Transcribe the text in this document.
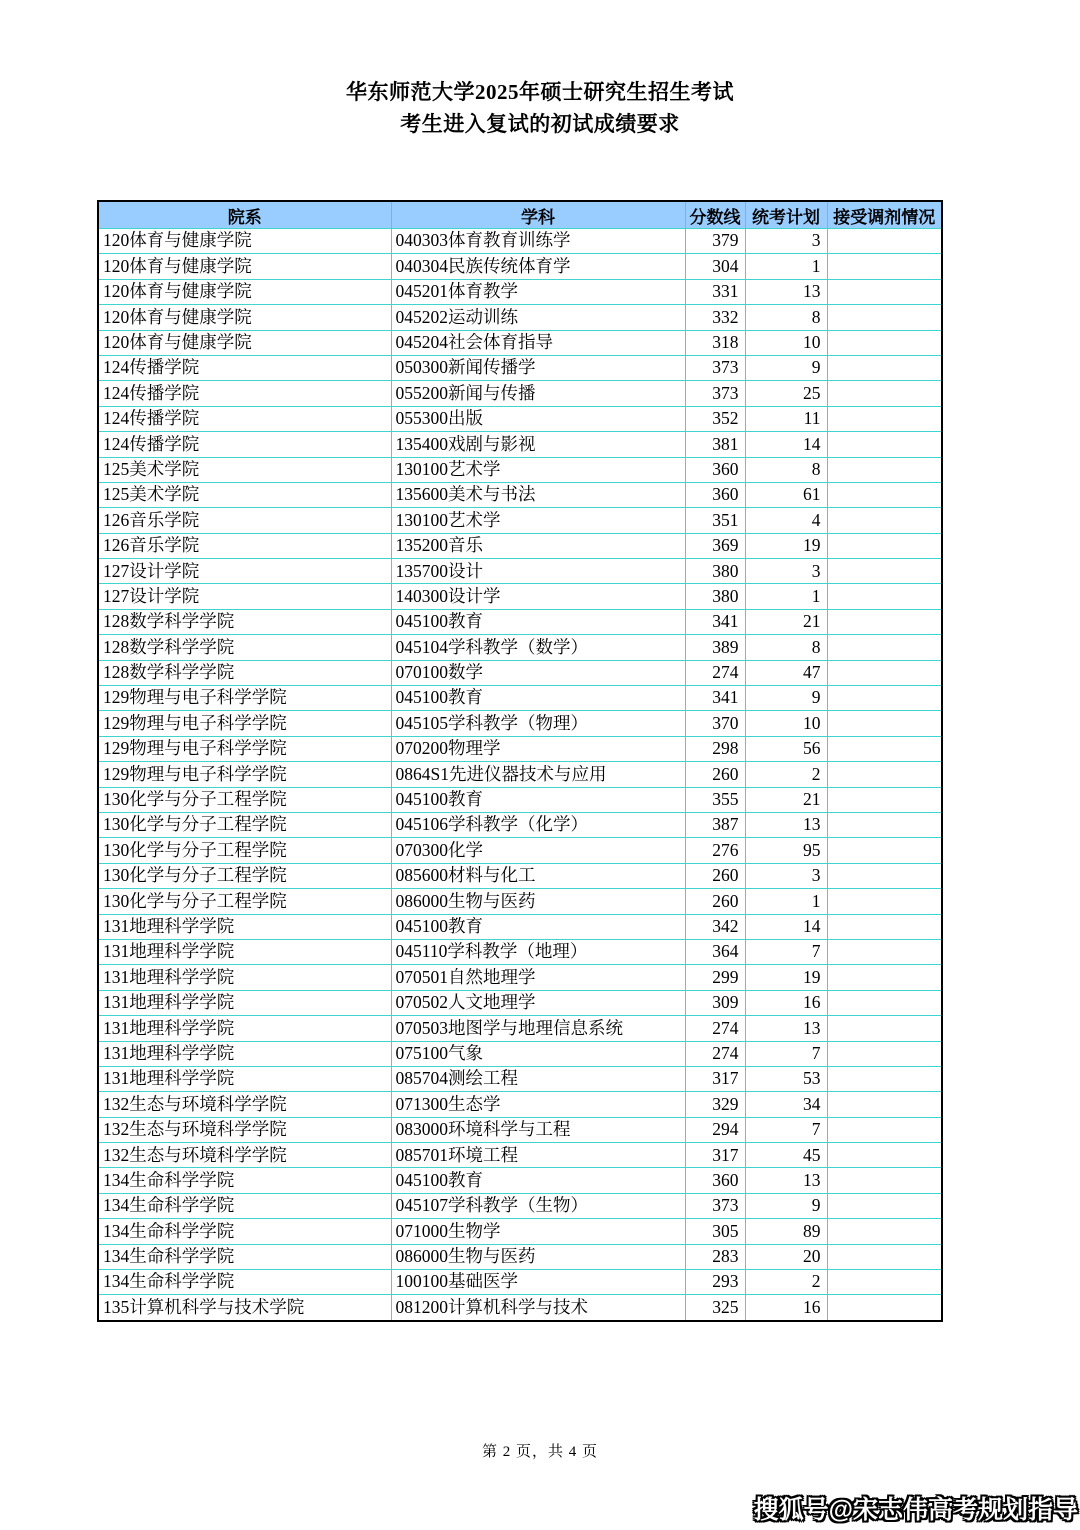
华东师范大学2025年硕士研究生招生考试
考生进入复试的初试成绩要求
院系	学科	分数线	统考计划	接受调剂情况
120体育与健康学院	040303体育教育训练学	379	3	
120体育与健康学院	040304民族传统体育学	304	1	
120体育与健康学院	045201体育教学	331	13	
120体育与健康学院	045202运动训练	332	8	
120体育与健康学院	045204社会体育指导	318	10	
124传播学院	050300新闻传播学	373	9	
124传播学院	055200新闻与传播	373	25	
124传播学院	055300出版	352	11	
124传播学院	135400戏剧与影视	381	14	
125美术学院	130100艺术学	360	8	
125美术学院	135600美术与书法	360	61	
126音乐学院	130100艺术学	351	4	
126音乐学院	135200音乐	369	19	
127设计学院	135700设计	380	3	
127设计学院	140300设计学	380	1	
128数学科学学院	045100教育	341	21	
128数学科学学院	045104学科教学（数学）	389	8	
128数学科学学院	070100数学	274	47	
129物理与电子科学学院	045100教育	341	9	
129物理与电子科学学院	045105学科教学（物理）	370	10	
129物理与电子科学学院	070200物理学	298	56	
129物理与电子科学学院	0864S1先进仪器技术与应用	260	2	
130化学与分子工程学院	045100教育	355	21	
130化学与分子工程学院	045106学科教学（化学）	387	13	
130化学与分子工程学院	070300化学	276	95	
130化学与分子工程学院	085600材料与化工	260	3	
130化学与分子工程学院	086000生物与医药	260	1	
131地理科学学院	045100教育	342	14	
131地理科学学院	045110学科教学（地理）	364	7	
131地理科学学院	070501自然地理学	299	19	
131地理科学学院	070502人文地理学	309	16	
131地理科学学院	070503地图学与地理信息系统	274	13	
131地理科学学院	075100气象	274	7	
131地理科学学院	085704测绘工程	317	53	
132生态与环境科学学院	071300生态学	329	34	
132生态与环境科学学院	083000环境科学与工程	294	7	
132生态与环境科学学院	085701环境工程	317	45	
134生命科学学院	045100教育	360	13	
134生命科学学院	045107学科教学（生物）	373	9	
134生命科学学院	071000生物学	305	89	
134生命科学学院	086000生物与医药	283	20	
134生命科学学院	100100基础医学	293	2	
135计算机科学与技术学院	081200计算机科学与技术	325	16	
第 2 页，共 4 页
搜狐号@宋志伟高考规划指导
